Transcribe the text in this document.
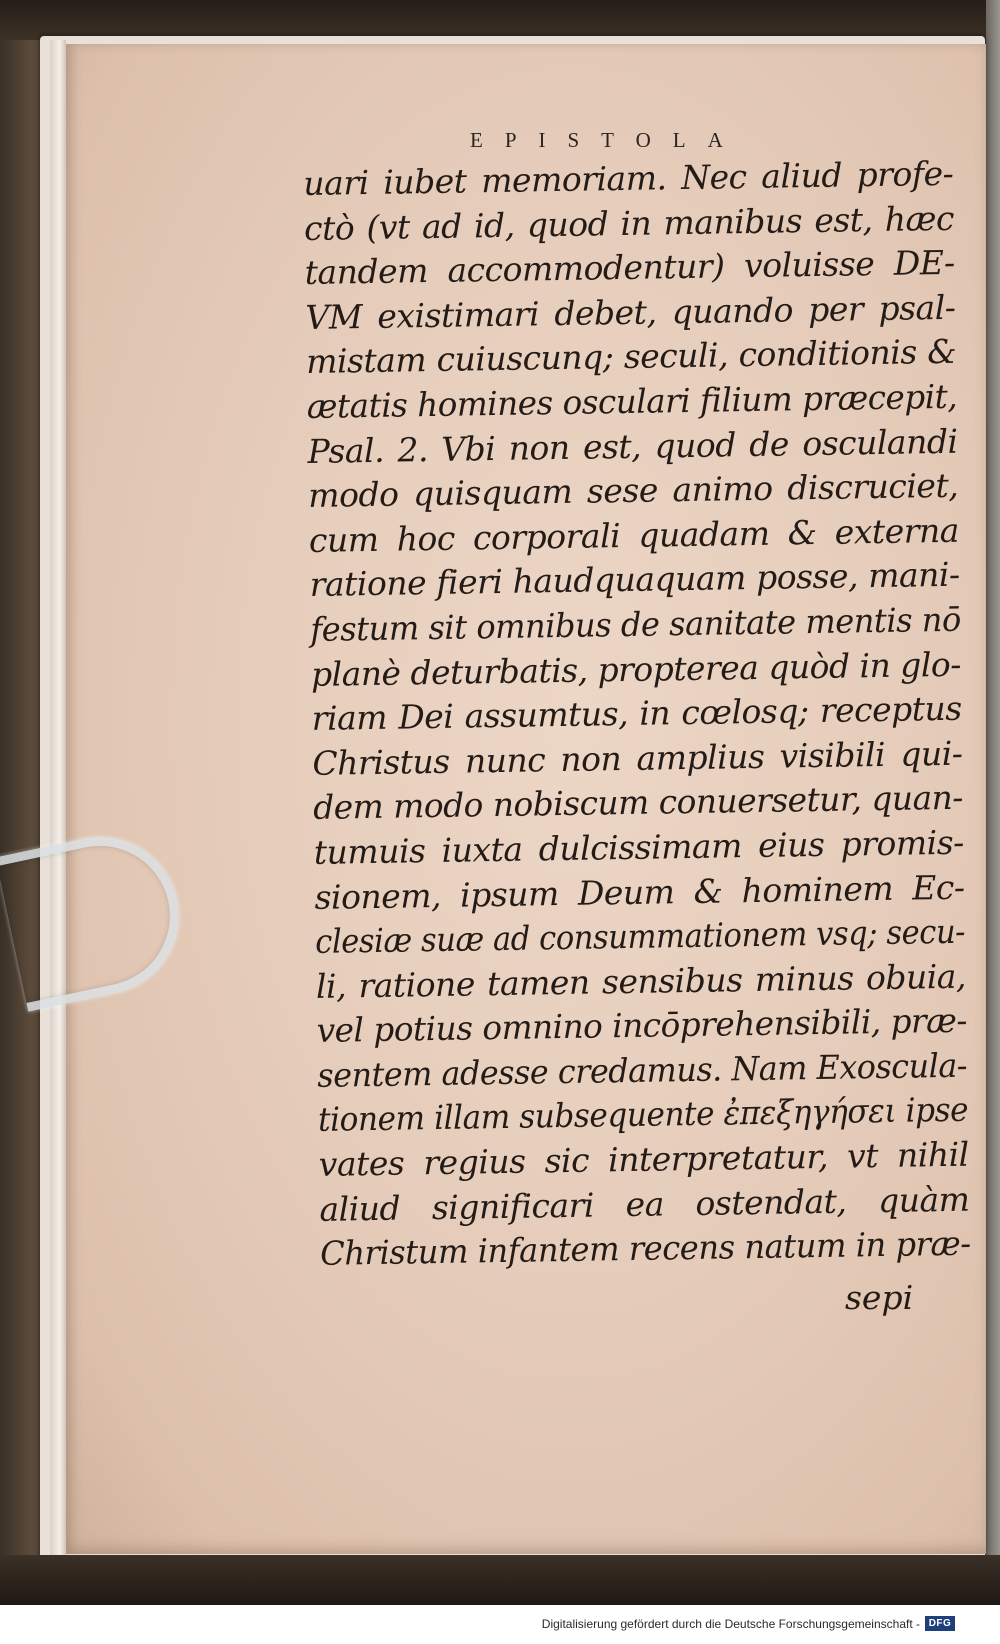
EPISTOLA
uari iubet memoriam. Nec aliud profe-
ctò (vt ad id, quod in manibus est, hæc
tandem accommodentur) voluisse DE-
VM existimari debet, quando per psal-
mistam cuiuscunq; seculi, conditionis &
ætatis homines osculari filium præcepit,
Psal. 2. Vbi non est, quod de osculandi
modo quisquam sese animo discruciet,
cum hoc corporali quadam & externa
ratione fieri haudquaquam posse, mani-
festum sit omnibus de sanitate mentis nō
planè deturbatis, propterea quòd in glo-
riam Dei assumtus, in cœlosq; receptus
Christus nunc non amplius visibili qui-
dem modo nobiscum conuersetur, quan-
tumuis iuxta dulcissimam eius promis-
sionem, ipsum Deum & hominem Ec-
clesiæ suæ ad consummationem vsq; secu-
li, ratione tamen sensibus minus obuia,
vel potius omnino incōprehensibili, præ-
sentem adesse credamus. Nam Exoscula-
tionem illam subsequente ἐπεξηγήσει ipse
vates regius sic interpretatur, vt nihil
aliud significari ea ostendat, quàm
Christum infantem recens natum in præ-
sepi
Digitalisierung gefördert durch die Deutsche Forschungsgemeinschaft - DFG
